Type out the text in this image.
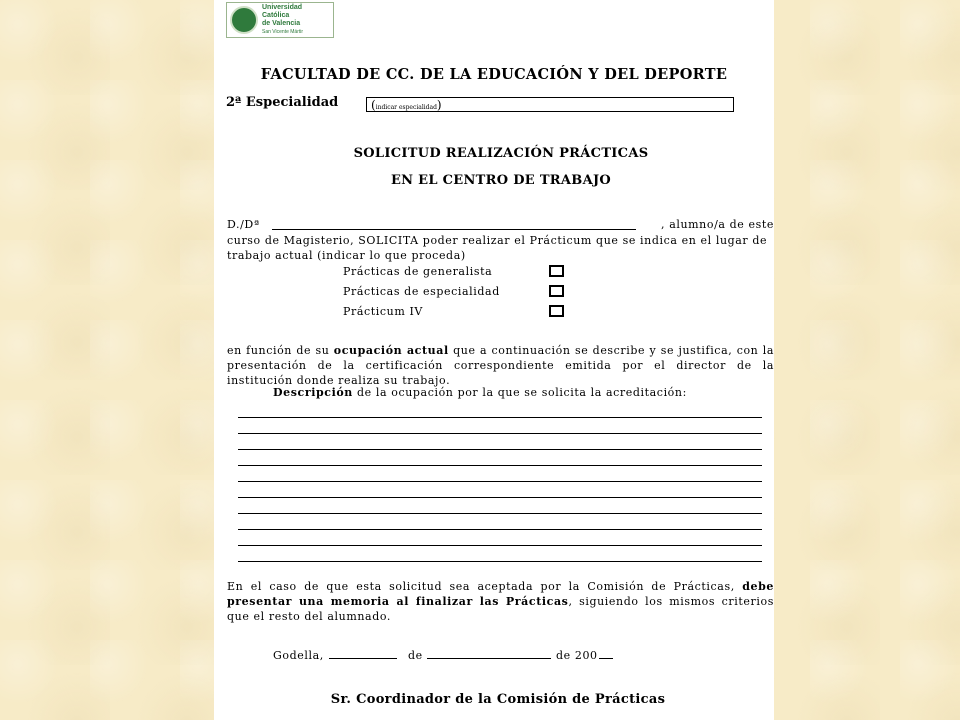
Universidad
Católica
de Valencia
San Vicente Mártir
FACULTAD DE CC. DE LA EDUCACIÓN Y DEL DEPORTE
2ª Especialidad	(indicar especialidad)
SOLICITUD REALIZACIÓN PRÁCTICAS
EN EL CENTRO DE TRABAJO
D./Dª	, alumno/a de este
curso de Magisterio, SOLICITA poder realizar el Prácticum que se indica en el lugar de
trabajo actual (indicar lo que proceda)
Prácticas de generalista
Prácticas de especialidad
Prácticum IV
en función de su ocupación actual que a continuación se describe y se justifica, con la presentación de la certificación correspondiente emitida por el director de la institución donde realiza su trabajo.
Descripción de la ocupación por la que se solicita la acreditación:
En el caso de que esta solicitud sea aceptada por la Comisión de Prácticas, debe presentar una memoria al finalizar las Prácticas, siguiendo los mismos criterios que el resto del alumnado.
Godella,	de	de 200
Sr. Coordinador de la Comisión de Prácticas
